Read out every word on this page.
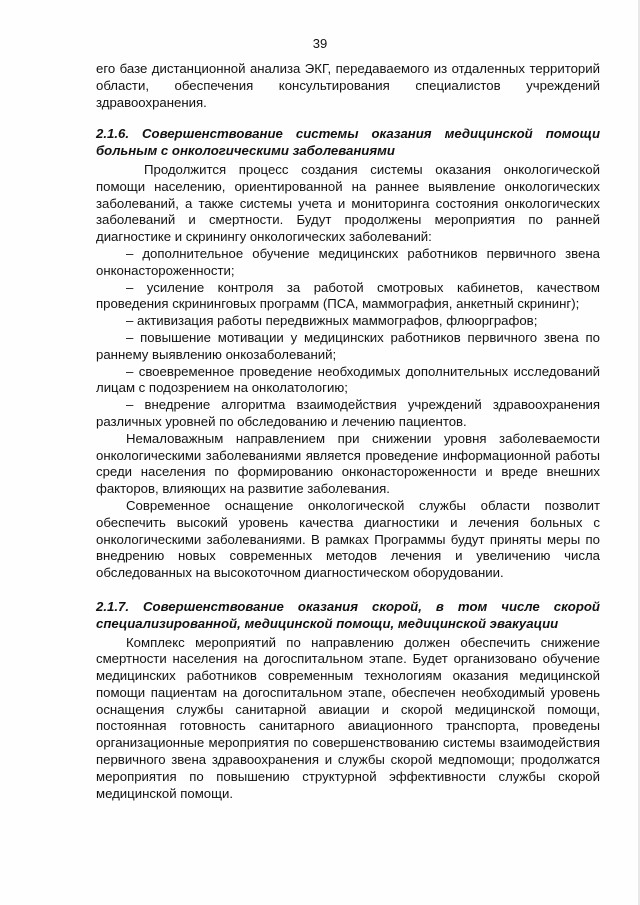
39

его базе дистанционной анализа ЭКГ, передаваемого из отдаленных территорий области, обеспечения консультирования специалистов учреждений здравоохранения.

2.1.6. Совершенствование системы оказания медицинской помощи больным с онкологическими заболеваниями

Продолжится процесс создания системы оказания онкологической помощи населению, ориентированной на раннее выявление онкологических заболеваний, а также системы учета и мониторинга состояния онкологических заболеваний и смертности. Будут продолжены мероприятия по ранней диагностике и скринингу онкологических заболеваний:

– дополнительное обучение медицинских работников первичного звена онконастороженности;

– усиление контроля за работой смотровых кабинетов, качеством проведения скрининговых программ (ПСА, маммография, анкетный скрининг);

– активизация работы передвижных маммографов, флюорграфов;

– повышение мотивации у медицинских работников первичного звена по раннему выявлению онкозаболеваний;

– своевременное проведение необходимых дополнительных исследований лицам с подозрением на онколатологию;

– внедрение алгоритма взаимодействия учреждений здравоохранения различных уровней по обследованию и лечению пациентов.

Немаловажным направлением при снижении уровня заболеваемости онкологическими заболеваниями является проведение информационной работы среди населения по формированию онконастороженности и вреде внешних факторов, влияющих на развитие заболевания.

Современное оснащение онкологической службы области позволит обеспечить высокий уровень качества диагностики и лечения больных с онкологическими заболеваниями. В рамках Программы будут приняты меры по внедрению новых современных методов лечения и увеличению числа обследованных на высокоточном диагностическом оборудовании.

2.1.7. Совершенствование оказания скорой, в том числе скорой специализированной, медицинской помощи, медицинской эвакуации

Комплекс мероприятий по направлению должен обеспечить снижение смертности населения на догоспитальном этапе. Будет организовано обучение медицинских работников современным технологиям оказания медицинской помощи пациентам на догоспитальном этапе, обеспечен необходимый уровень оснащения службы санитарной авиации и скорой медицинской помощи, постоянная готовность санитарного авиационного транспорта, проведены организационные мероприятия по совершенствованию системы взаимодействия первичного звена здравоохранения и службы скорой медпомощи; продолжатся мероприятия по повышению структурной эффективности службы скорой медицинской помощи.
